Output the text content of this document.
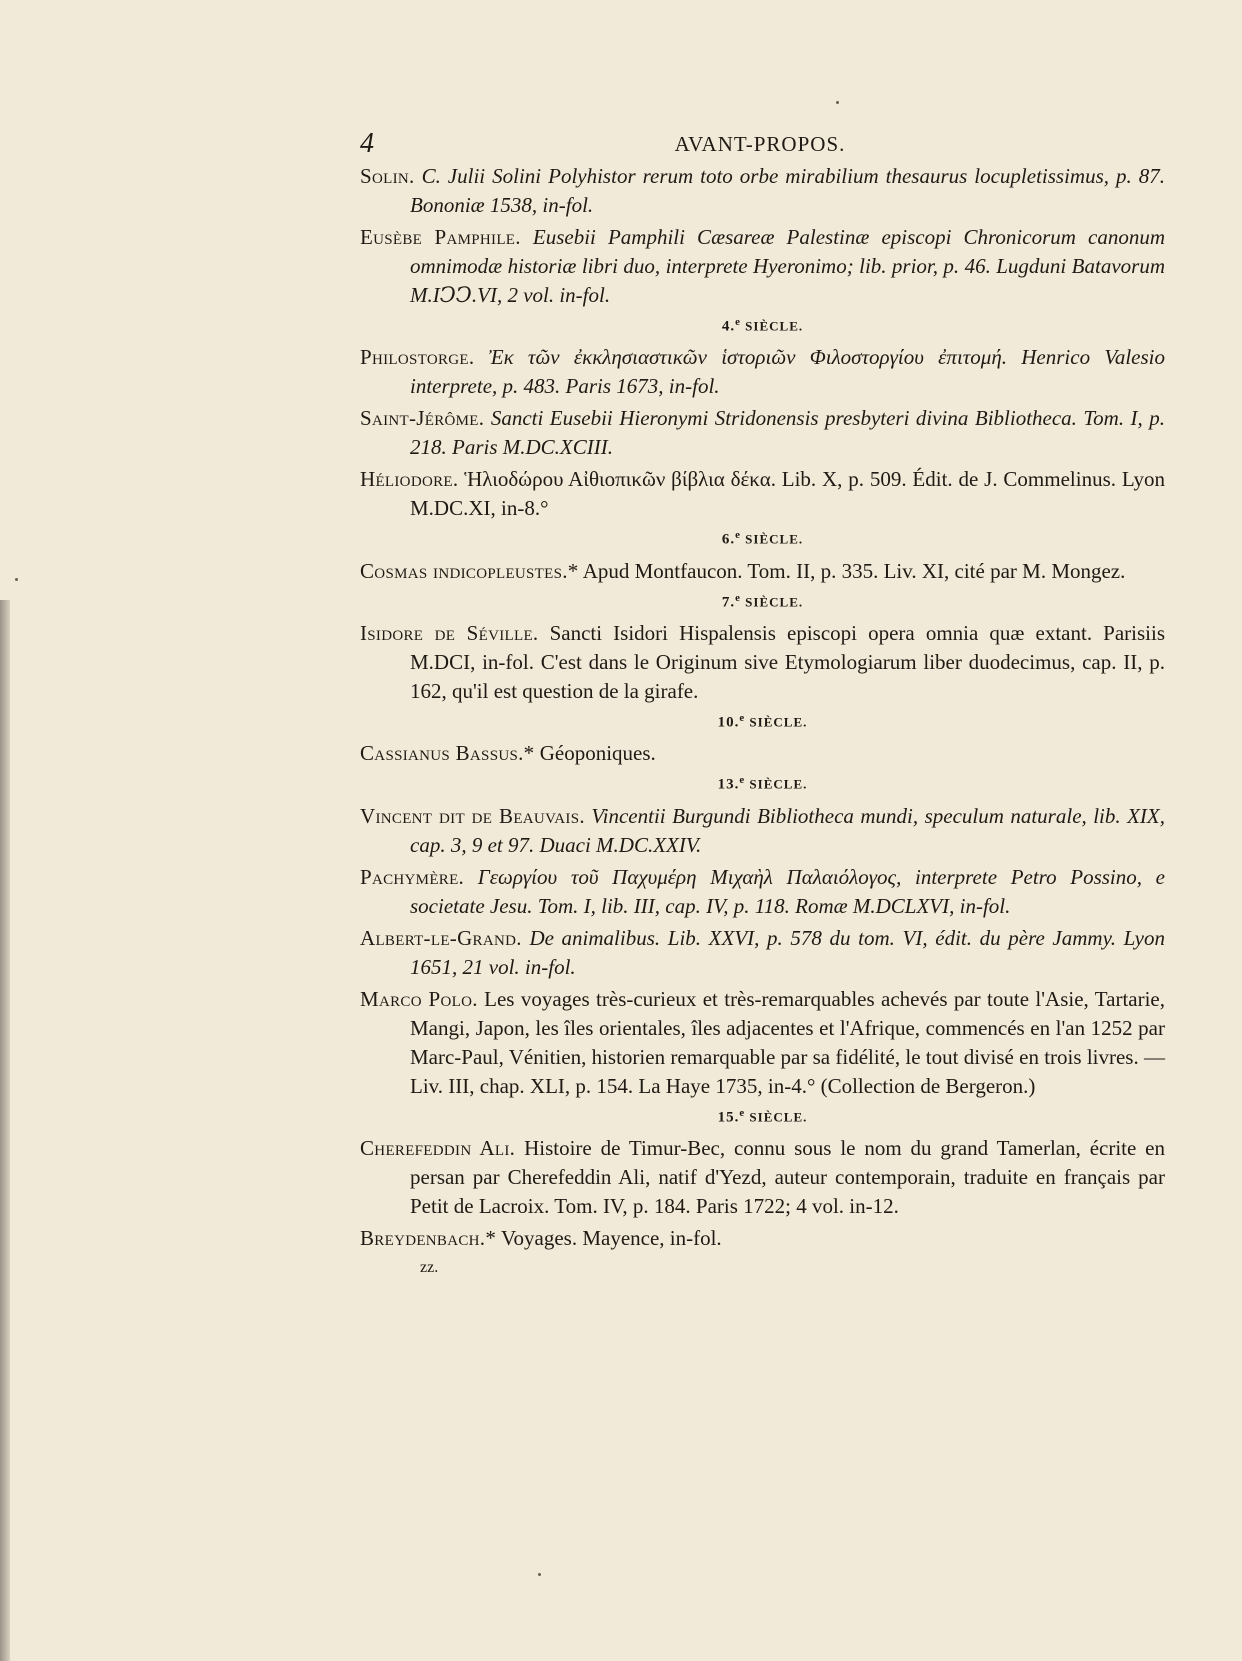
4	AVANT-PROPOS.

Solin. C. Julii Solini Polyhistor rerum toto orbe mirabilium thesaurus locupletissimus, p. 87. Bononiæ 1538, in-fol.

Eusèbe Pamphile. Eusebii Pamphili Cæsareæ Palestinæ episcopi Chronicorum canonum omnimodæ historiæ libri duo, interprete Hyeronimo; lib. prior, p. 46. Lugduni Batavorum M.IↃↃ.VI, 2 vol. in-fol.

4.$^e$ SIÈCLE.

Philostorge. Ἐκ τῶν ἐκκλησιαστικῶν ἱστοριῶν Φιλοστοργίου ἐπιτομή. Henrico Valesio interprete, p. 483. Paris 1673, in-fol.

Saint-Jérôme. Sancti Eusebii Hieronymi Stridonensis presbyteri divina Bibliotheca. Tom. I, p. 218. Paris M.DC.XCIII.

Héliodore. Ἡλιοδώρου Αἰθιοπικῶν βίβλια δέκα. Lib. X, p. 509. Édit. de J. Commelinus. Lyon M.DC.XI, in-8.°

6.$^e$ SIÈCLE.

Cosmas indicopleustes.* Apud Montfaucon. Tom. II, p. 335. Liv. XI, cité par M. Mongez.

7.$^e$ SIÈCLE.

Isidore de Séville. Sancti Isidori Hispalensis episcopi opera omnia quæ extant. Parisiis M.DCI, in-fol. C'est dans le Originum sive Etymologiarum liber duodecimus, cap. II, p. 162, qu'il est question de la girafe.

10.$^e$ SIÈCLE.

Cassianus Bassus.* Géoponiques.

13.$^e$ SIÈCLE.

Vincent dit de Beauvais. Vincentii Burgundi Bibliotheca mundi, speculum naturale, lib. XIX, cap. 3, 9 et 97. Duaci M.DC.XXIV.

Pachymère. Γεωργίου τοῦ Παχυμέρη Μιχαὴλ Παλαιόλογος, interprete Petro Possino, e societate Jesu. Tom. I, lib. III, cap. IV, p. 118. Romæ M.DCLXVI, in-fol.

Albert-le-Grand. De animalibus. Lib. XXVI, p. 578 du tom. VI, édit. du père Jammy. Lyon 1651, 21 vol. in-fol.

Marco Polo. Les voyages très-curieux et très-remarquables achevés par toute l'Asie, Tartarie, Mangi, Japon, les îles orientales, îles adjacentes et l'Afrique, commencés en l'an 1252 par Marc-Paul, Vénitien, historien remarquable par sa fidélité, le tout divisé en trois livres. — Liv. III, chap. XLI, p. 154. La Haye 1735, in-4.° (Collection de Bergeron.)

15.$^e$ SIÈCLE.

Cherefeddin Ali. Histoire de Timur-Bec, connu sous le nom du grand Tamerlan, écrite en persan par Cherefeddin Ali, natif d'Yezd, auteur contemporain, traduite en français par Petit de Lacroix. Tom. IV, p. 184. Paris 1722; 4 vol. in-12.

Breydenbach.* Voyages. Mayence, in-fol.

zz.
